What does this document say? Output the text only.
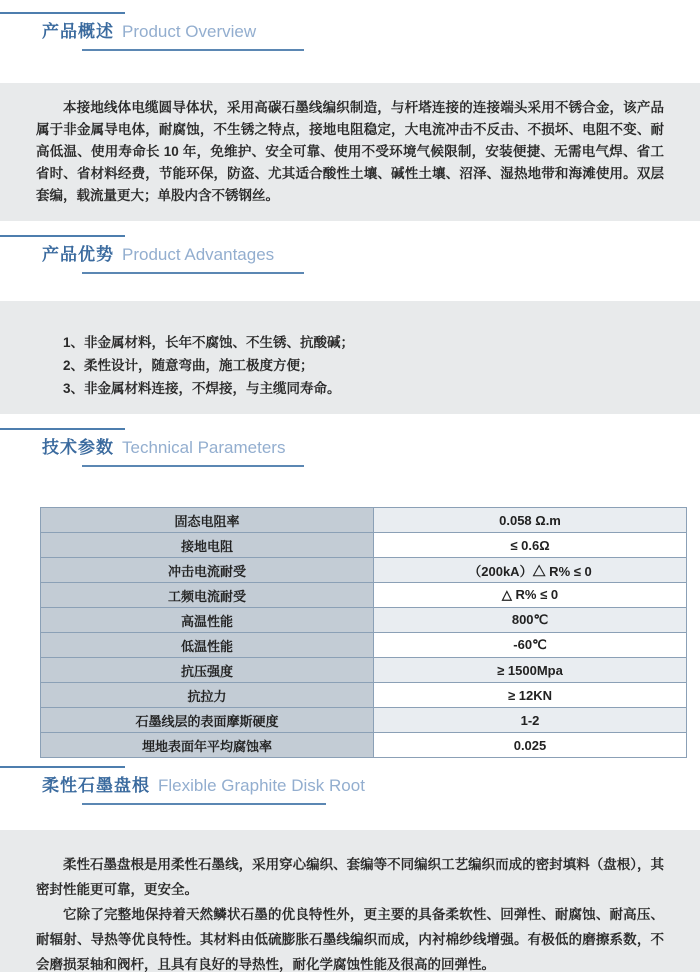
产品概述 Product Overview

本接地线体电缆圆导体状，采用高碳石墨线编织制造，与杆塔连接的连接端头采用不锈合金，该产品属于非金属导电体，耐腐蚀，不生锈之特点，接地电阻稳定，大电流冲击不反击、不损坏、电阻不变、耐高低温、使用寿命长 10 年，免维护、安全可靠、使用不受环境气候限制，安装便捷、无需电气焊、省工省时、省材料经费，节能环保，防盗、尤其适合酸性土壤、碱性土壤、沼泽、湿热地带和海滩使用。双层套编，载流量更大；单股内含不锈钢丝。

产品优势 Product Advantages
1、非金属材料，长年不腐蚀、不生锈、抗酸碱；
2、柔性设计，随意弯曲，施工极度方便；
3、非金属材料连接，不焊接，与主缆同寿命。
技术参数 Technical Parameters
固态电阻率	0.058 Ω.m
接地电阻	≤ 0.6Ω
冲击电流耐受	（200kA）△ R% ≤ 0
工频电流耐受	△ R% ≤ 0
高温性能	800℃
低温性能	-60℃
抗压强度	≥ 1500Mpa
抗拉力	≥ 12KN
石墨线层的表面摩斯硬度	1-2
埋地表面年平均腐蚀率	0.025
柔性石墨盘根 Flexible Graphite Disk Root

柔性石墨盘根是用柔性石墨线，采用穿心编织、套编等不同编织工艺编织而成的密封填料（盘根），其密封性能更可靠，更安全。

它除了完整地保持着天然鳞状石墨的优良特性外，更主要的具备柔软性、回弹性、耐腐蚀、耐高压、耐辐射、导热等优良特性。其材料由低硫膨胀石墨线编织而成，内衬棉纱线增强。有极低的磨擦系数，不会磨损泵轴和阀杆，且具有良好的导热性，耐化学腐蚀性能及很高的回弹性。
